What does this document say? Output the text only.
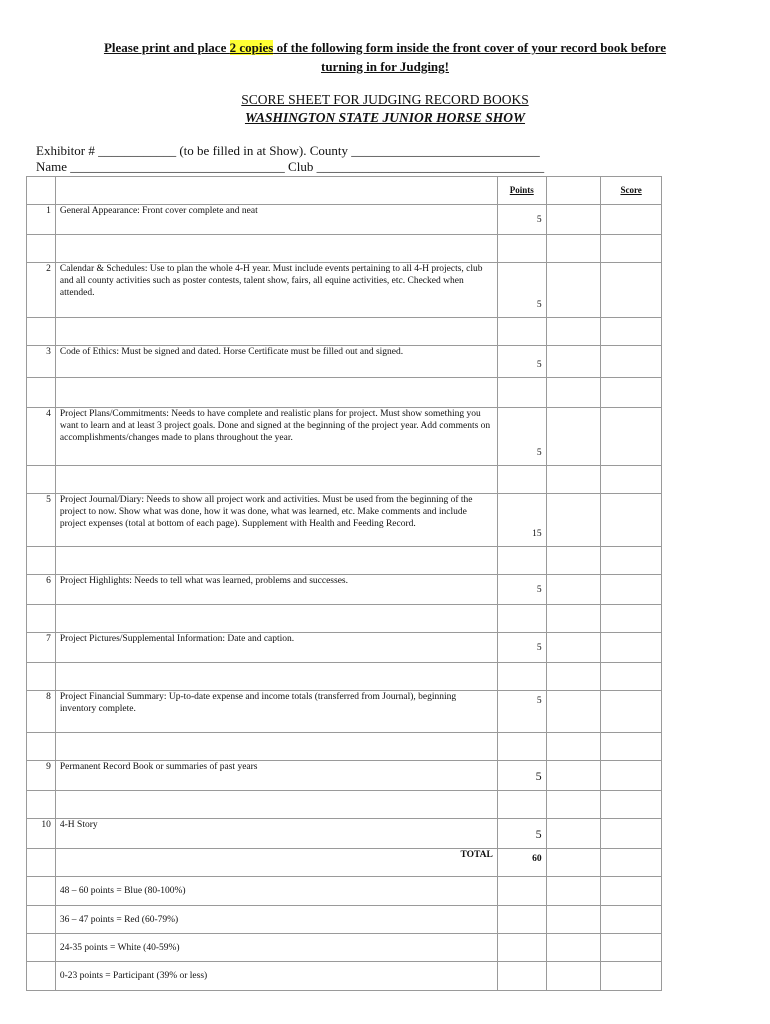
Please print and place 2 copies of the following form inside the front cover of your record book before
turning in for Judging!
SCORE SHEET FOR JUDGING RECORD BOOKS
WASHINGTON STATE JUNIOR HORSE SHOW
Exhibitor # ____________ (to be filled in at Show). County _____________________________
Name _________________________________ Club ___________________________________

		Points		Score

1	General Appearance: Front cover complete and neat	5		

2	Calendar & Schedules: Use to plan the whole 4-H year. Must include events pertaining to all 4-H projects, club and all county activities such as poster contests, talent show, fairs, all equine activities, etc. Checked when attended.	5		

3	Code of Ethics: Must be signed and dated. Horse Certificate must be filled out and signed.	5		

4	Project Plans/Commitments: Needs to have complete and realistic plans for project. Must show something you want to learn and at least 3 project goals. Done and signed at the beginning of the project year. Add comments on accomplishments/changes made to plans throughout the year.	5		

5	Project Journal/Diary: Needs to show all project work and activities. Must be used from the beginning of the project to now. Show what was done, how it was done, what was learned, etc. Make comments and include project expenses (total at bottom of each page). Supplement with Health and Feeding Record.	15		

6	Project Highlights: Needs to tell what was learned, problems and successes.	5		

7	Project Pictures/Supplemental Information: Date and caption.	5		

8	Project Financial Summary: Up-to-date expense and income totals (transferred from Journal), beginning inventory complete.	5		

9	Permanent Record Book or summaries of past years	5		

10	4-H Story	5		
	TOTAL	60		
	48 – 60 points = Blue (80-100%)			
	36 – 47 points = Red (60-79%)			
	24-35 points = White (40-59%)			
	0-23 points = Participant (39% or less)			
